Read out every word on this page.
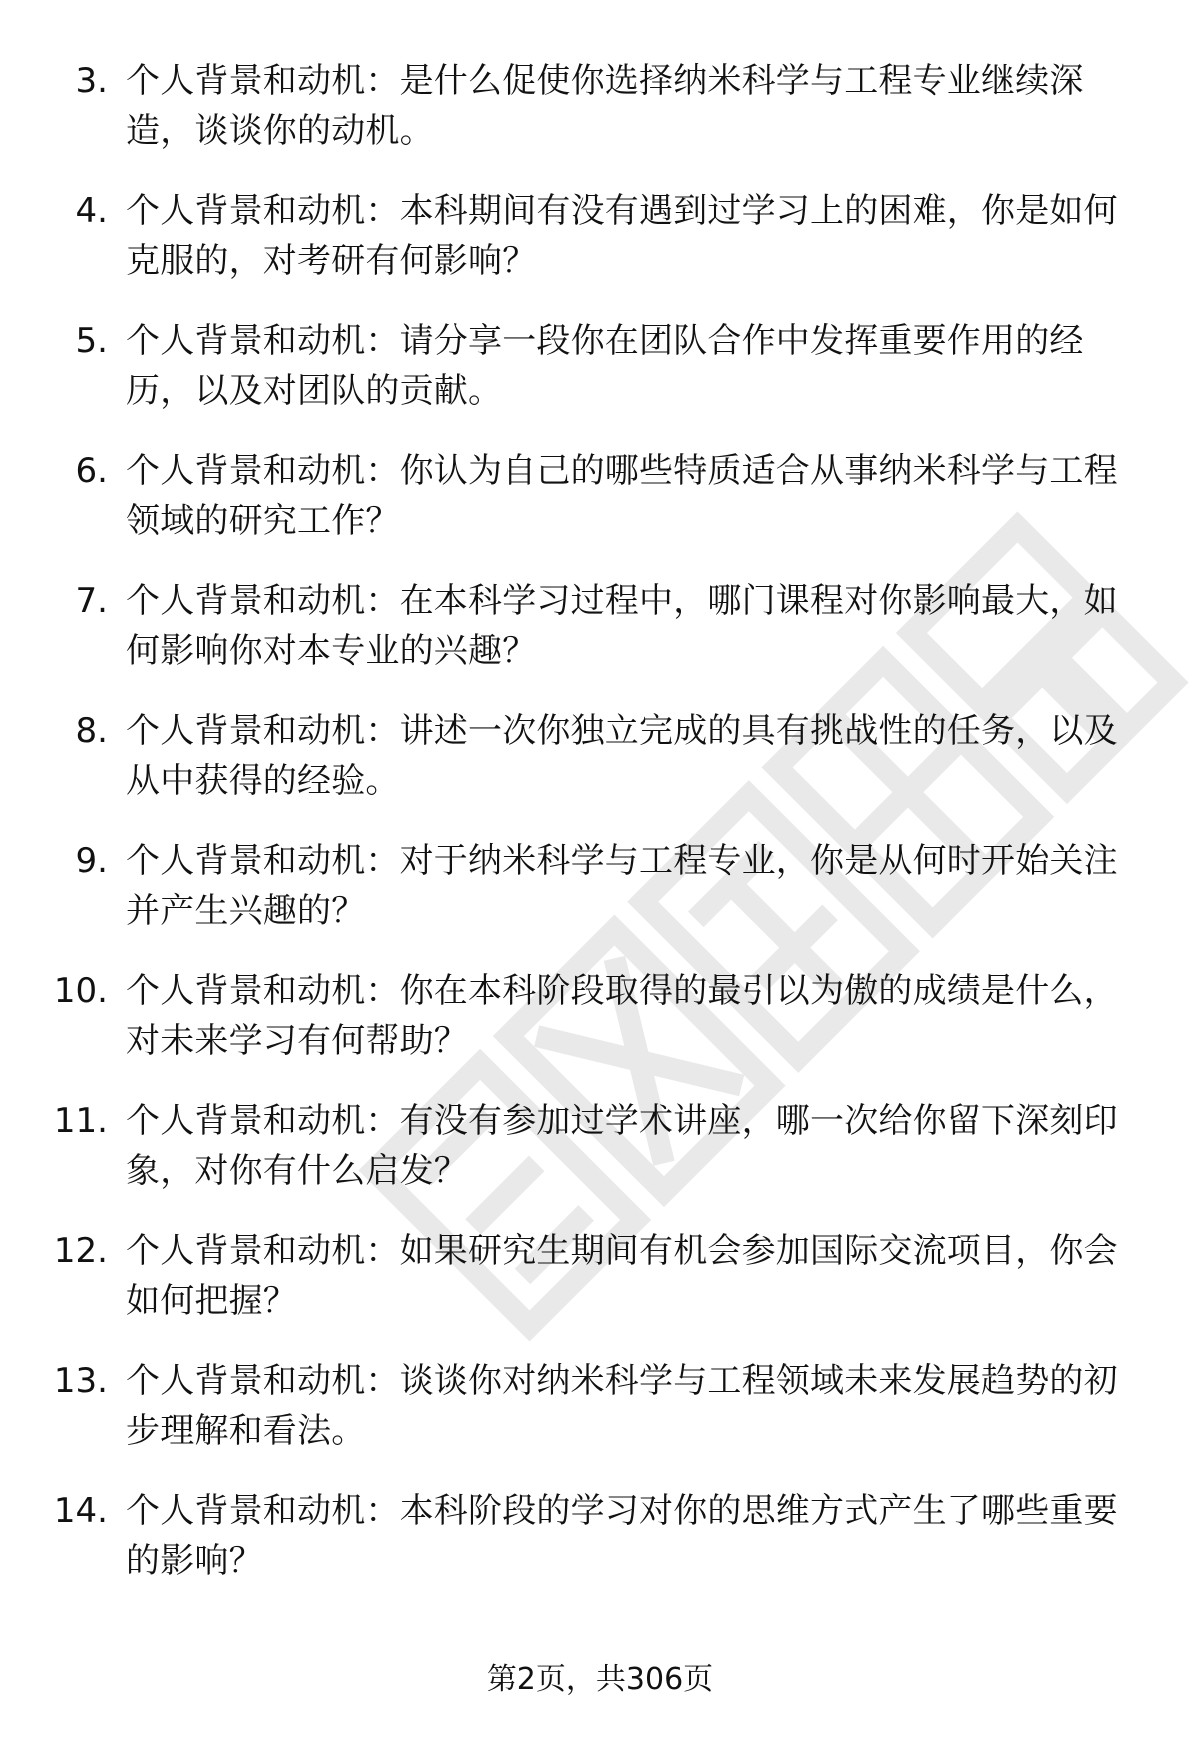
3. 个人背景和动机：是什么促使你选择纳米科学与工程专业继续深造，谈谈你的动机。
4. 个人背景和动机：本科期间有没有遇到过学习上的困难，你是如何克服的，对考研有何影响？
5. 个人背景和动机：请分享一段你在团队合作中发挥重要作用的经历，以及对团队的贡献。
6. 个人背景和动机：你认为自己的哪些特质适合从事纳米科学与工程领域的研究工作？
7. 个人背景和动机：在本科学习过程中，哪门课程对你影响最大，如何影响你对本专业的兴趣？
8. 个人背景和动机：讲述一次你独立完成的具有挑战性的任务，以及从中获得的经验。
9. 个人背景和动机：对于纳米科学与工程专业，你是从何时开始关注并产生兴趣的？
10. 个人背景和动机：你在本科阶段取得的最引以为傲的成绩是什么，对未来学习有何帮助？
11. 个人背景和动机：有没有参加过学术讲座，哪一次给你留下深刻印象，对你有什么启发？
12. 个人背景和动机：如果研究生期间有机会参加国际交流项目，你会如何把握？
13. 个人背景和动机：谈谈你对纳米科学与工程领域未来发展趋势的初步理解和看法。
14. 个人背景和动机：本科阶段的学习对你的思维方式产生了哪些重要的影响？
第2页，共306页
